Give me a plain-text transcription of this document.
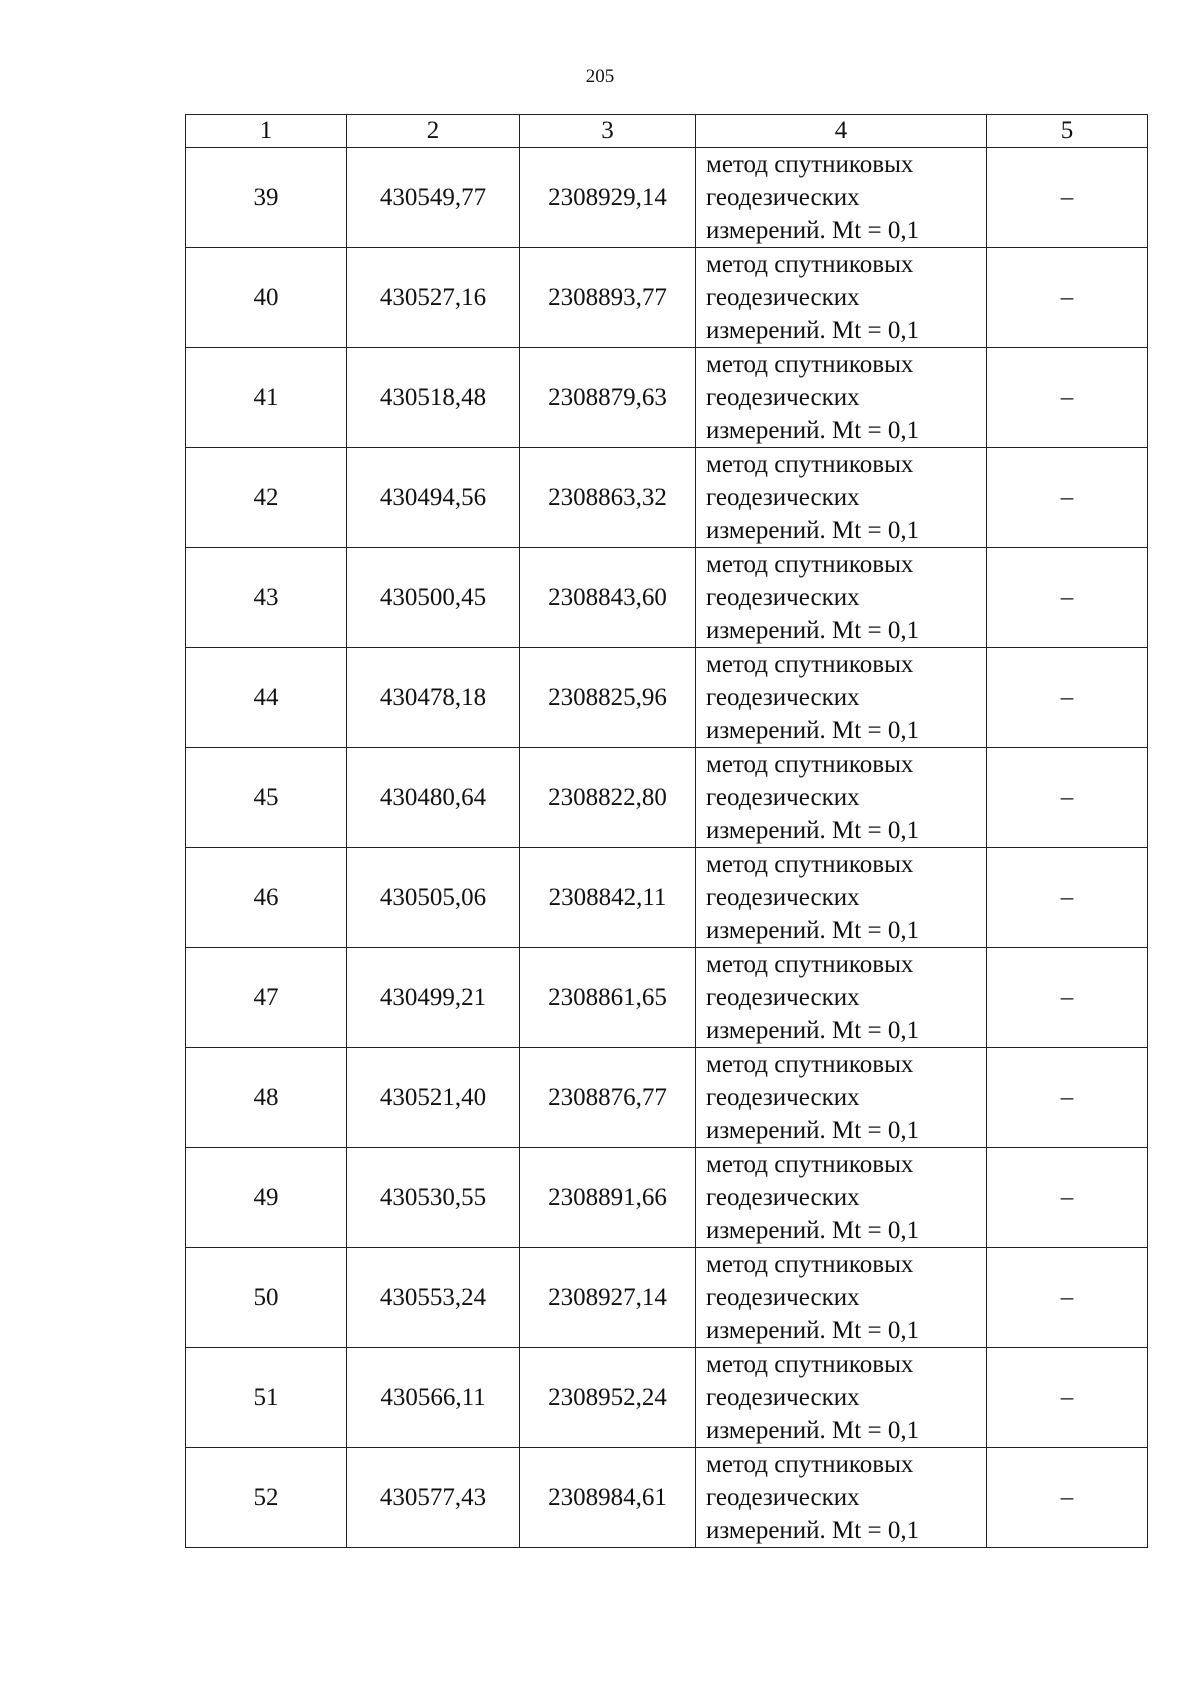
205
1	2	3	4	5
39	430549,77	2308929,14	метод спутниковых
геодезических
измерений. Mt = 0,1	–
40	430527,16	2308893,77	метод спутниковых
геодезических
измерений. Mt = 0,1	–
41	430518,48	2308879,63	метод спутниковых
геодезических
измерений. Mt = 0,1	–
42	430494,56	2308863,32	метод спутниковых
геодезических
измерений. Mt = 0,1	–
43	430500,45	2308843,60	метод спутниковых
геодезических
измерений. Mt = 0,1	–
44	430478,18	2308825,96	метод спутниковых
геодезических
измерений. Mt = 0,1	–
45	430480,64	2308822,80	метод спутниковых
геодезических
измерений. Mt = 0,1	–
46	430505,06	2308842,11	метод спутниковых
геодезических
измерений. Mt = 0,1	–
47	430499,21	2308861,65	метод спутниковых
геодезических
измерений. Mt = 0,1	–
48	430521,40	2308876,77	метод спутниковых
геодезических
измерений. Mt = 0,1	–
49	430530,55	2308891,66	метод спутниковых
геодезических
измерений. Mt = 0,1	–
50	430553,24	2308927,14	метод спутниковых
геодезических
измерений. Mt = 0,1	–
51	430566,11	2308952,24	метод спутниковых
геодезических
измерений. Mt = 0,1	–
52	430577,43	2308984,61	метод спутниковых
геодезических
измерений. Mt = 0,1	–
